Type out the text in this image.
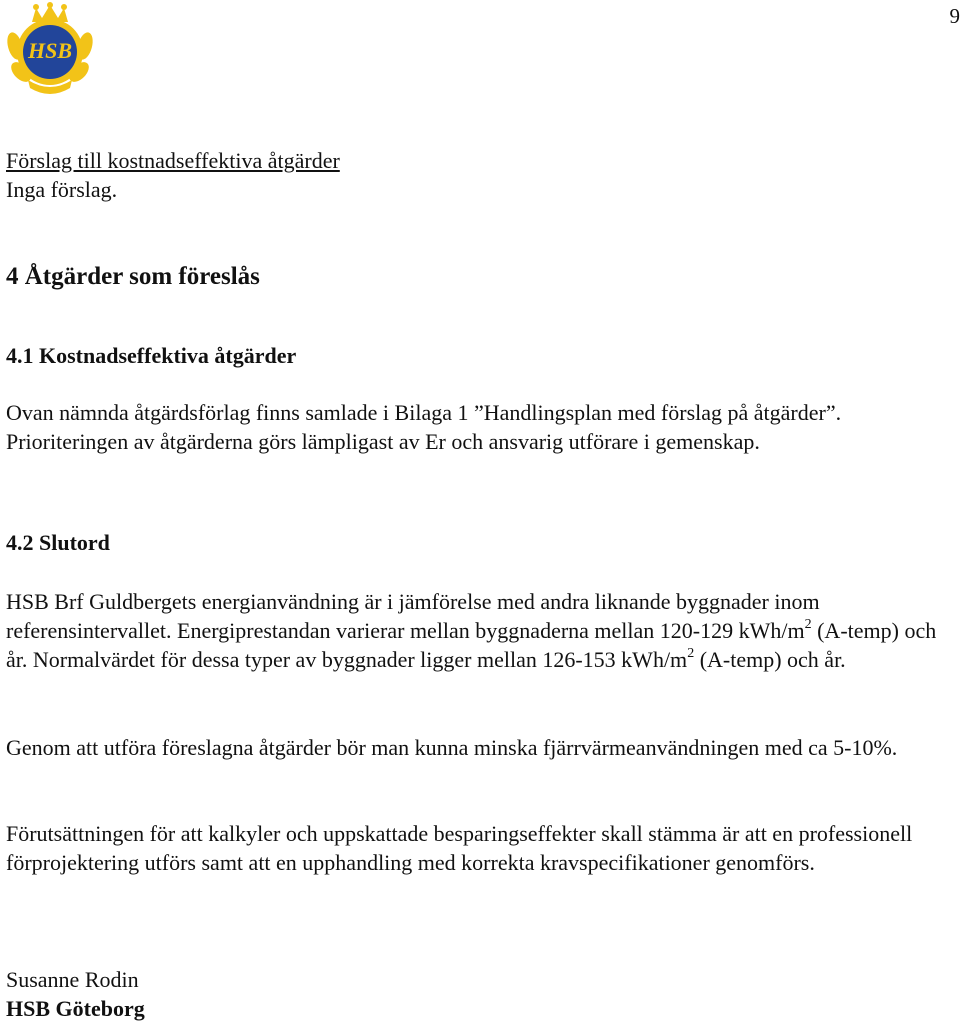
9
HSB
Förslag till kostnadseffektiva åtgärder
Inga förslag.
4 Åtgärder som föreslås
4.1 Kostnadseffektiva åtgärder
Ovan nämnda åtgärdsförlag finns samlade i Bilaga 1 ”Handlingsplan med förslag på åtgärder”. Prioriteringen av åtgärderna görs lämpligast av Er och ansvarig utförare i gemenskap.
4.2 Slutord
HSB Brf Guldbergets energianvändning är i jämförelse med andra liknande byggnader inom referensintervallet. Energiprestandan varierar mellan byggnaderna mellan 120-129 kWh/$m^2$ (A-temp) och år. Normalvärdet för dessa typer av byggnader ligger mellan 126-153 kWh/$m^2$ (A-temp) och år.
Genom att utföra föreslagna åtgärder bör man kunna minska fjärrvärmeanvändningen med ca 5-10%.
Förutsättningen för att kalkyler och uppskattade besparingseffekter skall stämma är att en professionell förprojektering utförs samt att en upphandling med korrekta kravspecifikationer genomförs.
Susanne Rodin
HSB Göteborg
